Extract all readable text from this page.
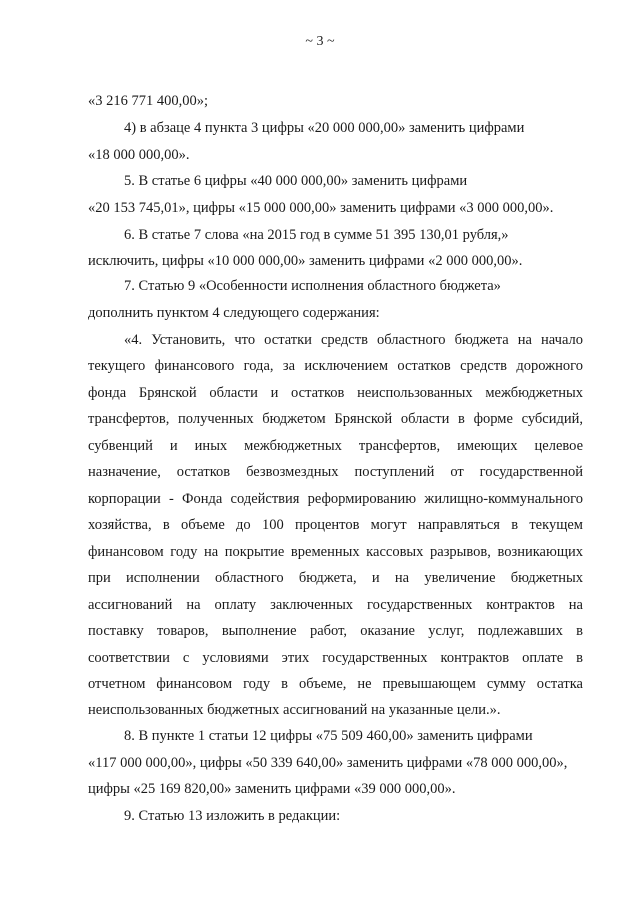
~ 3 ~
«3 216 771 400,00»;
4) в абзаце 4 пункта 3 цифры «20 000 000,00» заменить цифрами
«18 000 000,00».
5. В статье 6 цифры «40 000 000,00» заменить цифрами
«20 153 745,01», цифры «15 000 000,00» заменить цифрами «3 000 000,00».
6. В статье 7 слова «на 2015 год в сумме 51 395 130,01 рубля,»
исключить, цифры «10 000 000,00» заменить цифрами «2 000 000,00».
7. Статью 9 «Особенности исполнения областного бюджета»
дополнить пунктом 4 следующего содержания:
«4. Установить, что остатки средств областного бюджета на начало
текущего финансового года, за исключением остатков средств дорожного
фонда Брянской области и остатков неиспользованных межбюджетных
трансфертов, полученных бюджетом Брянской области в форме субсидий,
субвенций и иных межбюджетных трансфертов, имеющих целевое
назначение, остатков безвозмездных поступлений от государственной
корпорации - Фонда содействия реформированию жилищно-коммунального
хозяйства, в объеме до 100 процентов могут направляться в текущем
финансовом году на покрытие временных кассовых разрывов, возникающих
при исполнении областного бюджета, и на увеличение бюджетных
ассигнований на оплату заключенных государственных контрактов на
поставку товаров, выполнение работ, оказание услуг, подлежавших в
соответствии с условиями этих государственных контрактов оплате в
отчетном финансовом году в объеме, не превышающем сумму остатка
неиспользованных бюджетных ассигнований на указанные цели.».
8. В пункте 1 статьи 12 цифры «75 509 460,00» заменить цифрами
«117 000 000,00», цифры «50 339 640,00» заменить цифрами «78 000 000,00»,
цифры «25 169 820,00» заменить цифрами «39 000 000,00».
9. Статью 13 изложить в редакции:
